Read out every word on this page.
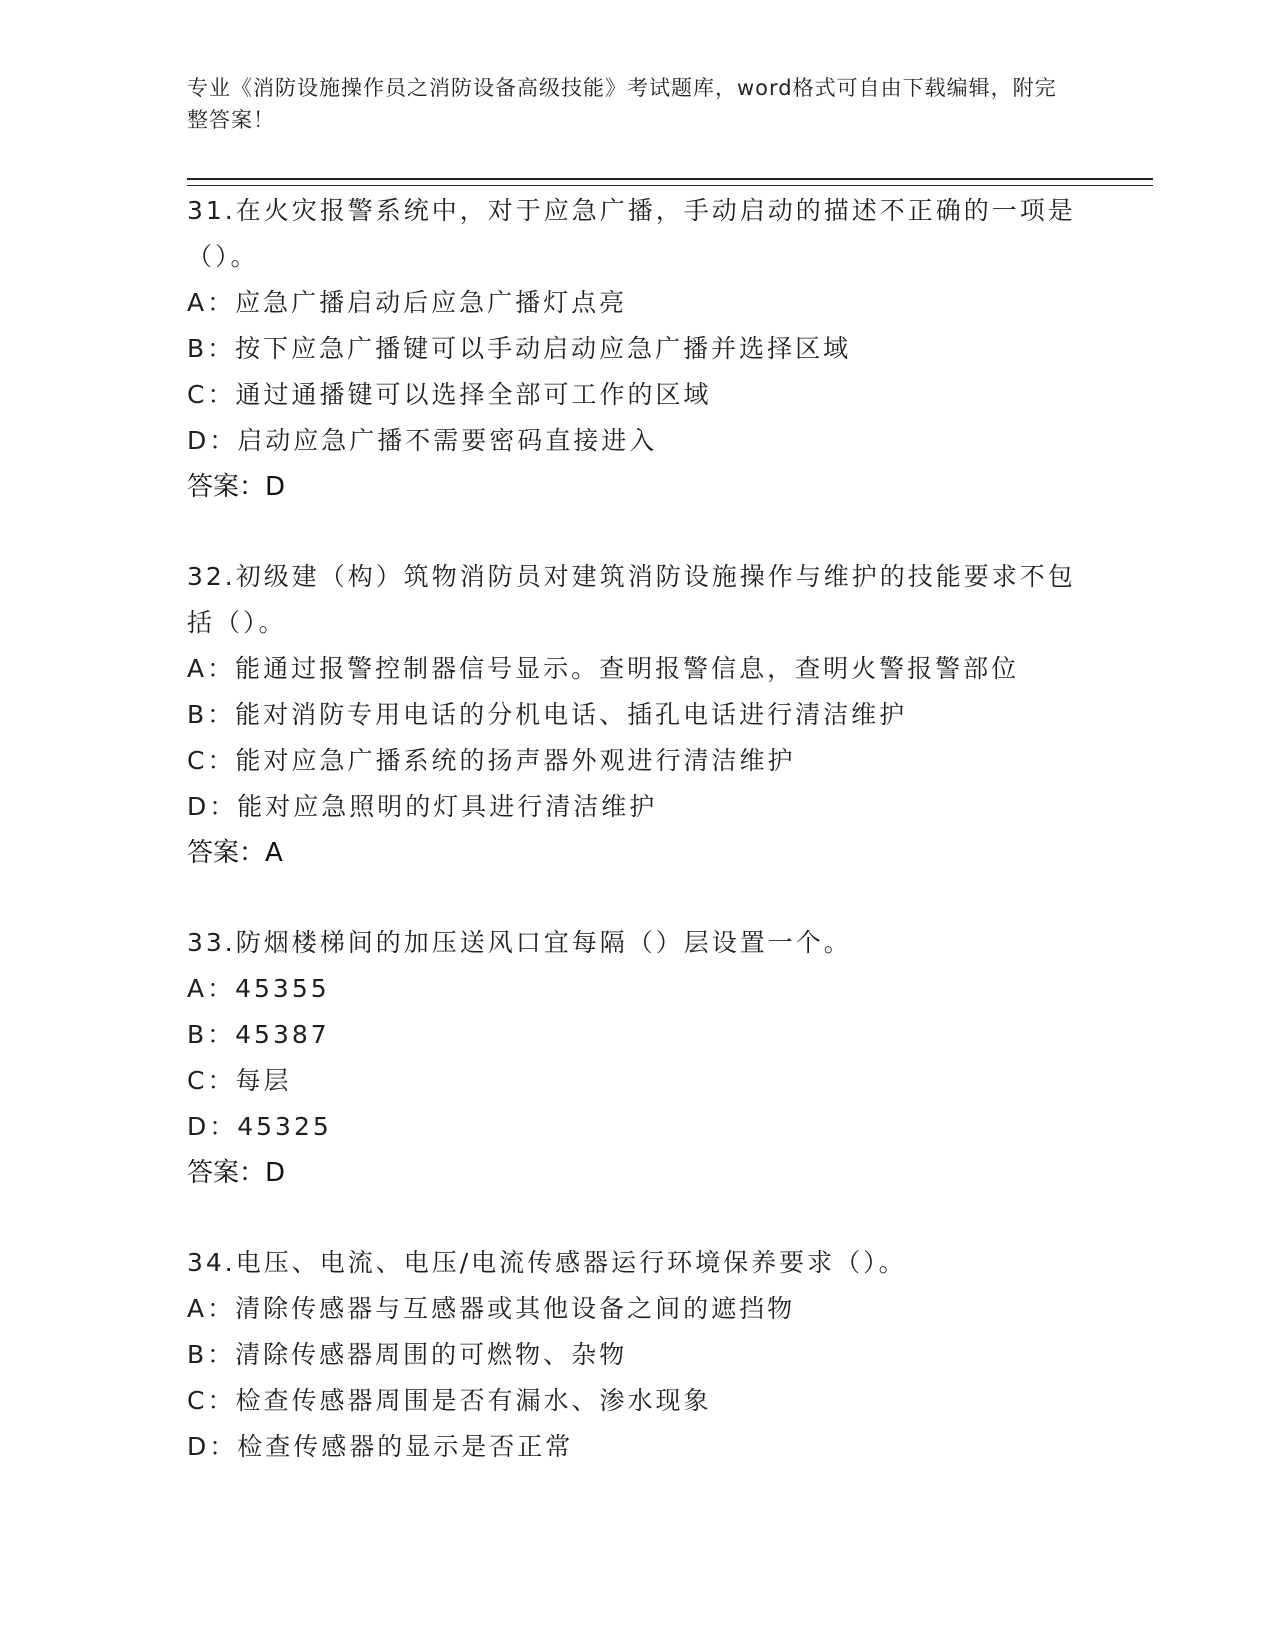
专业《消防设施操作员之消防设备高级技能》考试题库，word格式可自由下载编辑，附完整答案！
31.在火灾报警系统中，对于应急广播，手动启动的描述不正确的一项是（）。
A：应急广播启动后应急广播灯点亮
B：按下应急广播键可以手动启动应急广播并选择区域
C：通过通播键可以选择全部可工作的区域
D：启动应急广播不需要密码直接进入
答案：D
32.初级建（构）筑物消防员对建筑消防设施操作与维护的技能要求不包括（）。
A：能通过报警控制器信号显示。查明报警信息，查明火警报警部位
B：能对消防专用电话的分机电话、插孔电话进行清洁维护
C：能对应急广播系统的扬声器外观进行清洁维护
D：能对应急照明的灯具进行清洁维护
答案：A
33.防烟楼梯间的加压送风口宜每隔（）层设置一个。
A：45355
B：45387
C：每层
D：45325
答案：D
34.电压、电流、电压/电流传感器运行环境保养要求（）。
A：清除传感器与互感器或其他设备之间的遮挡物
B：清除传感器周围的可燃物、杂物
C：检查传感器周围是否有漏水、渗水现象
D：检查传感器的显示是否正常
